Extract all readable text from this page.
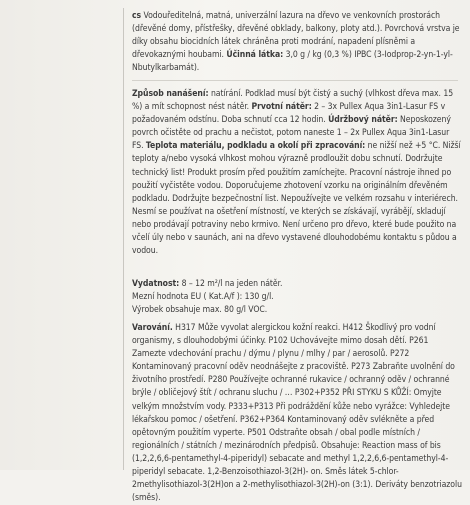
cs Vodouředitelná, matná, univerzální lazura na dřevo ve venkovních prostorách (dřevěné domy, přístřešky, dřevěné obklady, balkony, ploty atd.). Povrchová vrstva je díky obsahu biocidních látek chráněna proti modrání, napadení plísněmi a dřevokaznými houbami. Účinná látka: 3,0 g / kg (0,3 %) IPBC (3-Iodprop-2-yn-1-yl-Nbutylkarbamát).

Způsob nanášení: natírání. Podklad musí být čistý a suchý (vlhkost dřeva max. 15 %) a mít schopnost nést nátěr. Prvotní nátěr: 2 – 3x Pullex Aqua 3in1-Lasur FS v požadovaném odstínu. Doba schnutí cca 12 hodin. Údržbový nátěr: Neposkozený povrch očistěte od prachu a nečistot, potom naneste 1 – 2x Pullex Aqua 3in1-Lasur FS. Teplota materiálu, podkladu a okolí při zpracování: ne nižší než +5 °C. Nižší teploty a/nebo vysoká vlhkost mohou výrazně prodloužit dobu schnutí. Dodržujte technický list! Produkt prosím před použitím zamíchejte. Pracovní nástroje ihned po použití vyčistěte vodou. Doporučujeme zhotovení vzorku na originálním dřevěném podkladu. Dodržujte bezpečnostní list. Nepoužívejte ve velkém rozsahu v interiérech. Nesmí se používat na ošetření místností, ve kterých se získávají, vyrábějí, skladují nebo prodávají potraviny nebo krmivo. Není určeno pro dřevo, které bude použito na včelí úly nebo v saunách, ani na dřevo vystavené dlouhodobému kontaktu s půdou a vodou.

Vydatnost: 8 – 12 m²/l na jeden nátěr.

Mezní hodnota EU ( Kat.A/f ): 130 g/l.

Výrobek obsahuje max. 80 g/l VOC.

Varování. H317 Může vyvolat alergickou kožní reakci. H412 Škodlivý pro vodní organismy, s dlouhodobými účinky. P102 Uchovávejte mimo dosah dětí. P261 Zamezte vdechování prachu / dýmu / plynu / mlhy / par / aerosolů. P272 Kontaminovaný pracovní oděv neodnášejte z pracoviště. P273 Zabraňte uvolnění do životního prostředí. P280 Používejte ochranné rukavice / ochranný oděv / ochranné brýle / obličejový štít / ochranu sluchu / … P302+P352 PŘI STYKU S KŮŽÍ: Omyjte velkým množstvím vody. P333+P313 Při podráždění kůže nebo vyrážce: Vyhledejte lékařskou pomoc / ošetření. P362+P364 Kontaminovaný oděv svlékněte a před opětovným použitím vyperte. P501 Odstraňte obsah / obal podle místních / regionálních / státních / mezinárodních předpisů. Obsahuje: Reaction mass of bis (1,2,2,6,6-pentamethyl-4-piperidyl) sebacate and methyl 1,2,2,6,6-pentamethyl-4-piperidyl sebacate. 1,2-Benzoisothiazol-3(2H)- on. Směs látek 5-chlor-2methylisothiazol-3(2H)on a 2-methylisothiazol-3(2H)-on (3:1). Deriváty benzotriazolu (směs).
